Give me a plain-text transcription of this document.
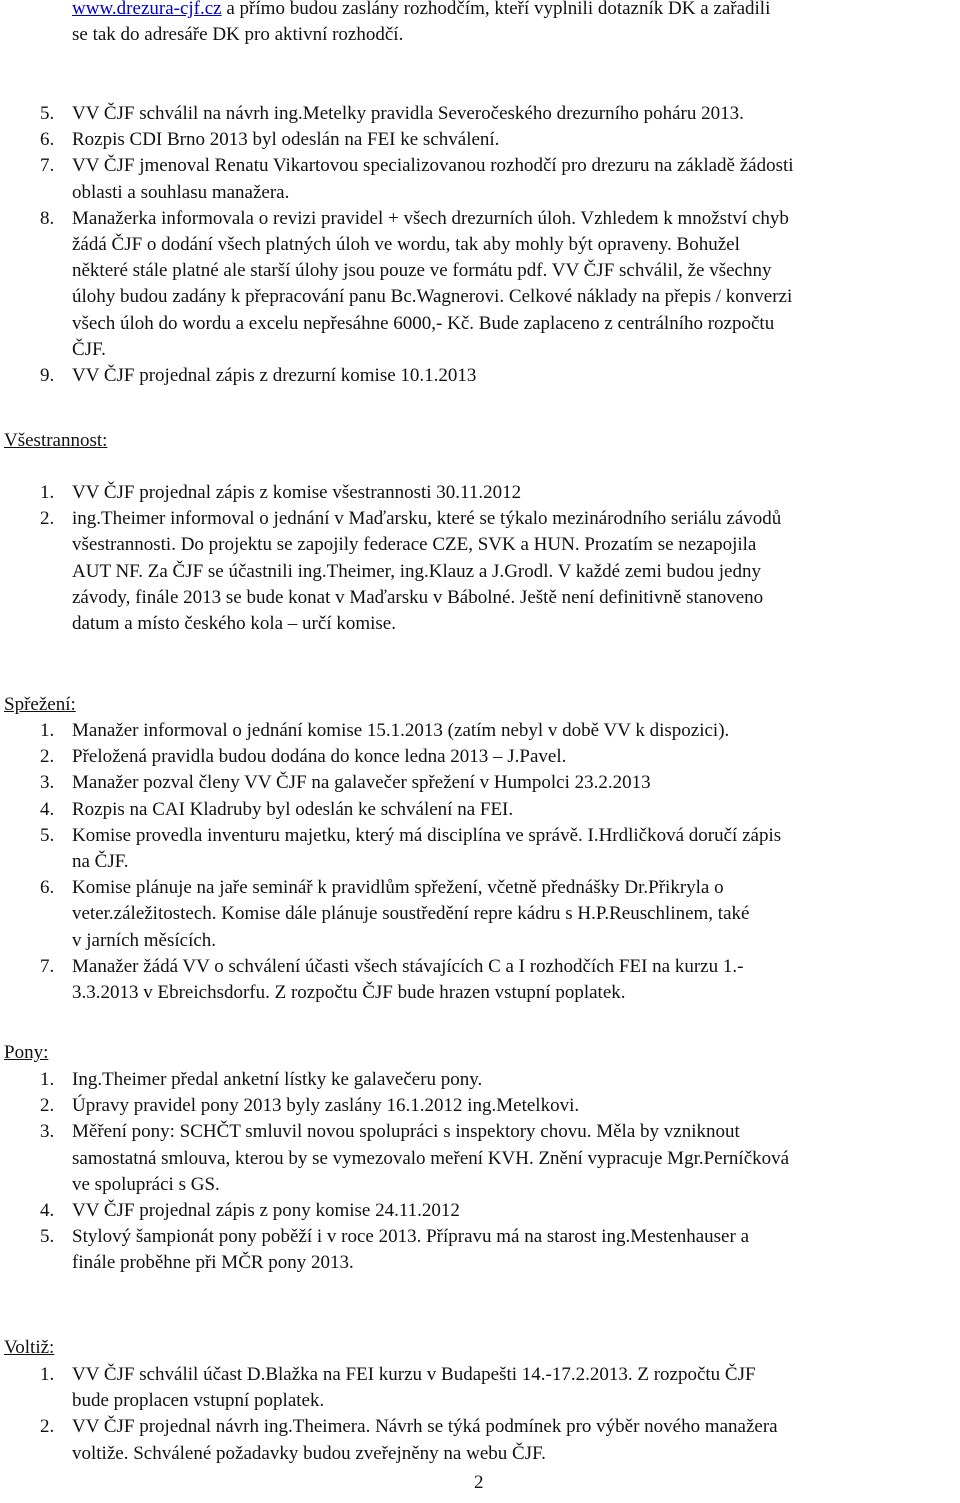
www.drezura-cjf.cz a přímo budou zaslány rozhodčím, kteří vyplnili dotazník DK a zařadili
se tak do adresáře DK pro aktivní rozhodčí.
5. VV ČJF schválil na návrh ing.Metelky pravidla Severočeského drezurního poháru 2013.
6. Rozpis CDI Brno 2013 byl odeslán na FEI ke schválení.
7. VV ČJF jmenoval Renatu Vikartovou specializovanou rozhodčí pro drezuru na základě žádosti
oblasti a souhlasu manažera.
8. Manažerka informovala o revizi pravidel + všech drezurních úloh. Vzhledem k množství chyb
žádá ČJF o dodání všech platných úloh ve wordu, tak aby mohly být opraveny. Bohužel
některé stále platné ale starší úlohy jsou pouze ve formátu pdf. VV ČJF schválil, že všechny
úlohy budou zadány k přepracování panu Bc.Wagnerovi. Celkové náklady na přepis / konverzi
všech úloh do wordu a excelu nepřesáhne 6000,- Kč. Bude zaplaceno z centrálního rozpočtu
ČJF.
9. VV ČJF projednal zápis z drezurní komise 10.1.2013
Všestrannost:
1. VV ČJF projednal zápis z komise všestrannosti 30.11.2012
2. ing.Theimer informoval o jednání v Maďarsku, které se týkalo mezinárodního seriálu závodů
všestrannosti. Do projektu se zapojily federace CZE, SVK a HUN. Prozatím se nezapojila
AUT NF. Za ČJF se účastnili ing.Theimer, ing.Klauz a J.Grodl. V každé zemi budou jedny
závody, finále 2013 se bude konat v Maďarsku v Bábolné. Ještě není definitivně stanoveno
datum a místo českého kola – určí komise.
Spřežení:
1. Manažer informoval o jednání komise 15.1.2013 (zatím nebyl v době VV k dispozici).
2. Přeložená pravidla budou dodána do konce ledna 2013 – J.Pavel.
3. Manažer pozval členy VV ČJF na galavečer spřežení v Humpolci 23.2.2013
4. Rozpis na CAI Kladruby byl odeslán ke schválení na FEI.
5. Komise provedla inventuru majetku, který má disciplína ve správě. I.Hrdličková doručí zápis
na ČJF.
6. Komise plánuje na jaře seminář k pravidlům spřežení, včetně přednášky Dr.Přikryla o
veter.záležitostech. Komise dále plánuje soustředění repre kádru s H.P.Reuschlinem, také
v jarních měsících.
7. Manažer žádá VV o schválení účasti všech stávajících C a I rozhodčích FEI na kurzu 1.-
3.3.2013 v Ebreichsdorfu. Z rozpočtu ČJF bude hrazen vstupní poplatek.
Pony:
1. Ing.Theimer předal anketní lístky ke galavečeru pony.
2. Úpravy pravidel pony 2013 byly zaslány 16.1.2012 ing.Metelkovi.
3. Měření pony: SCHČT smluvil novou spolupráci s inspektory chovu. Měla by vzniknout
samostatná smlouva, kterou by se vymezovalo meření KVH. Znění vypracuje Mgr.Perníčková
ve spolupráci s GS.
4. VV ČJF projednal zápis z pony komise 24.11.2012
5. Stylový šampionát pony poběží i v roce 2013. Přípravu má na starost ing.Mestenhauser a
finále proběhne při MČR pony 2013.
Voltiž:
1. VV ČJF schválil účast D.Blažka na FEI kurzu v Budapešti 14.-17.2.2013. Z rozpočtu ČJF
bude proplacen vstupní poplatek.
2. VV ČJF projednal návrh ing.Theimera. Návrh se týká podmínek pro výběr nového manažera
voltiže. Schválené požadavky budou zveřejněny na webu ČJF.
2
